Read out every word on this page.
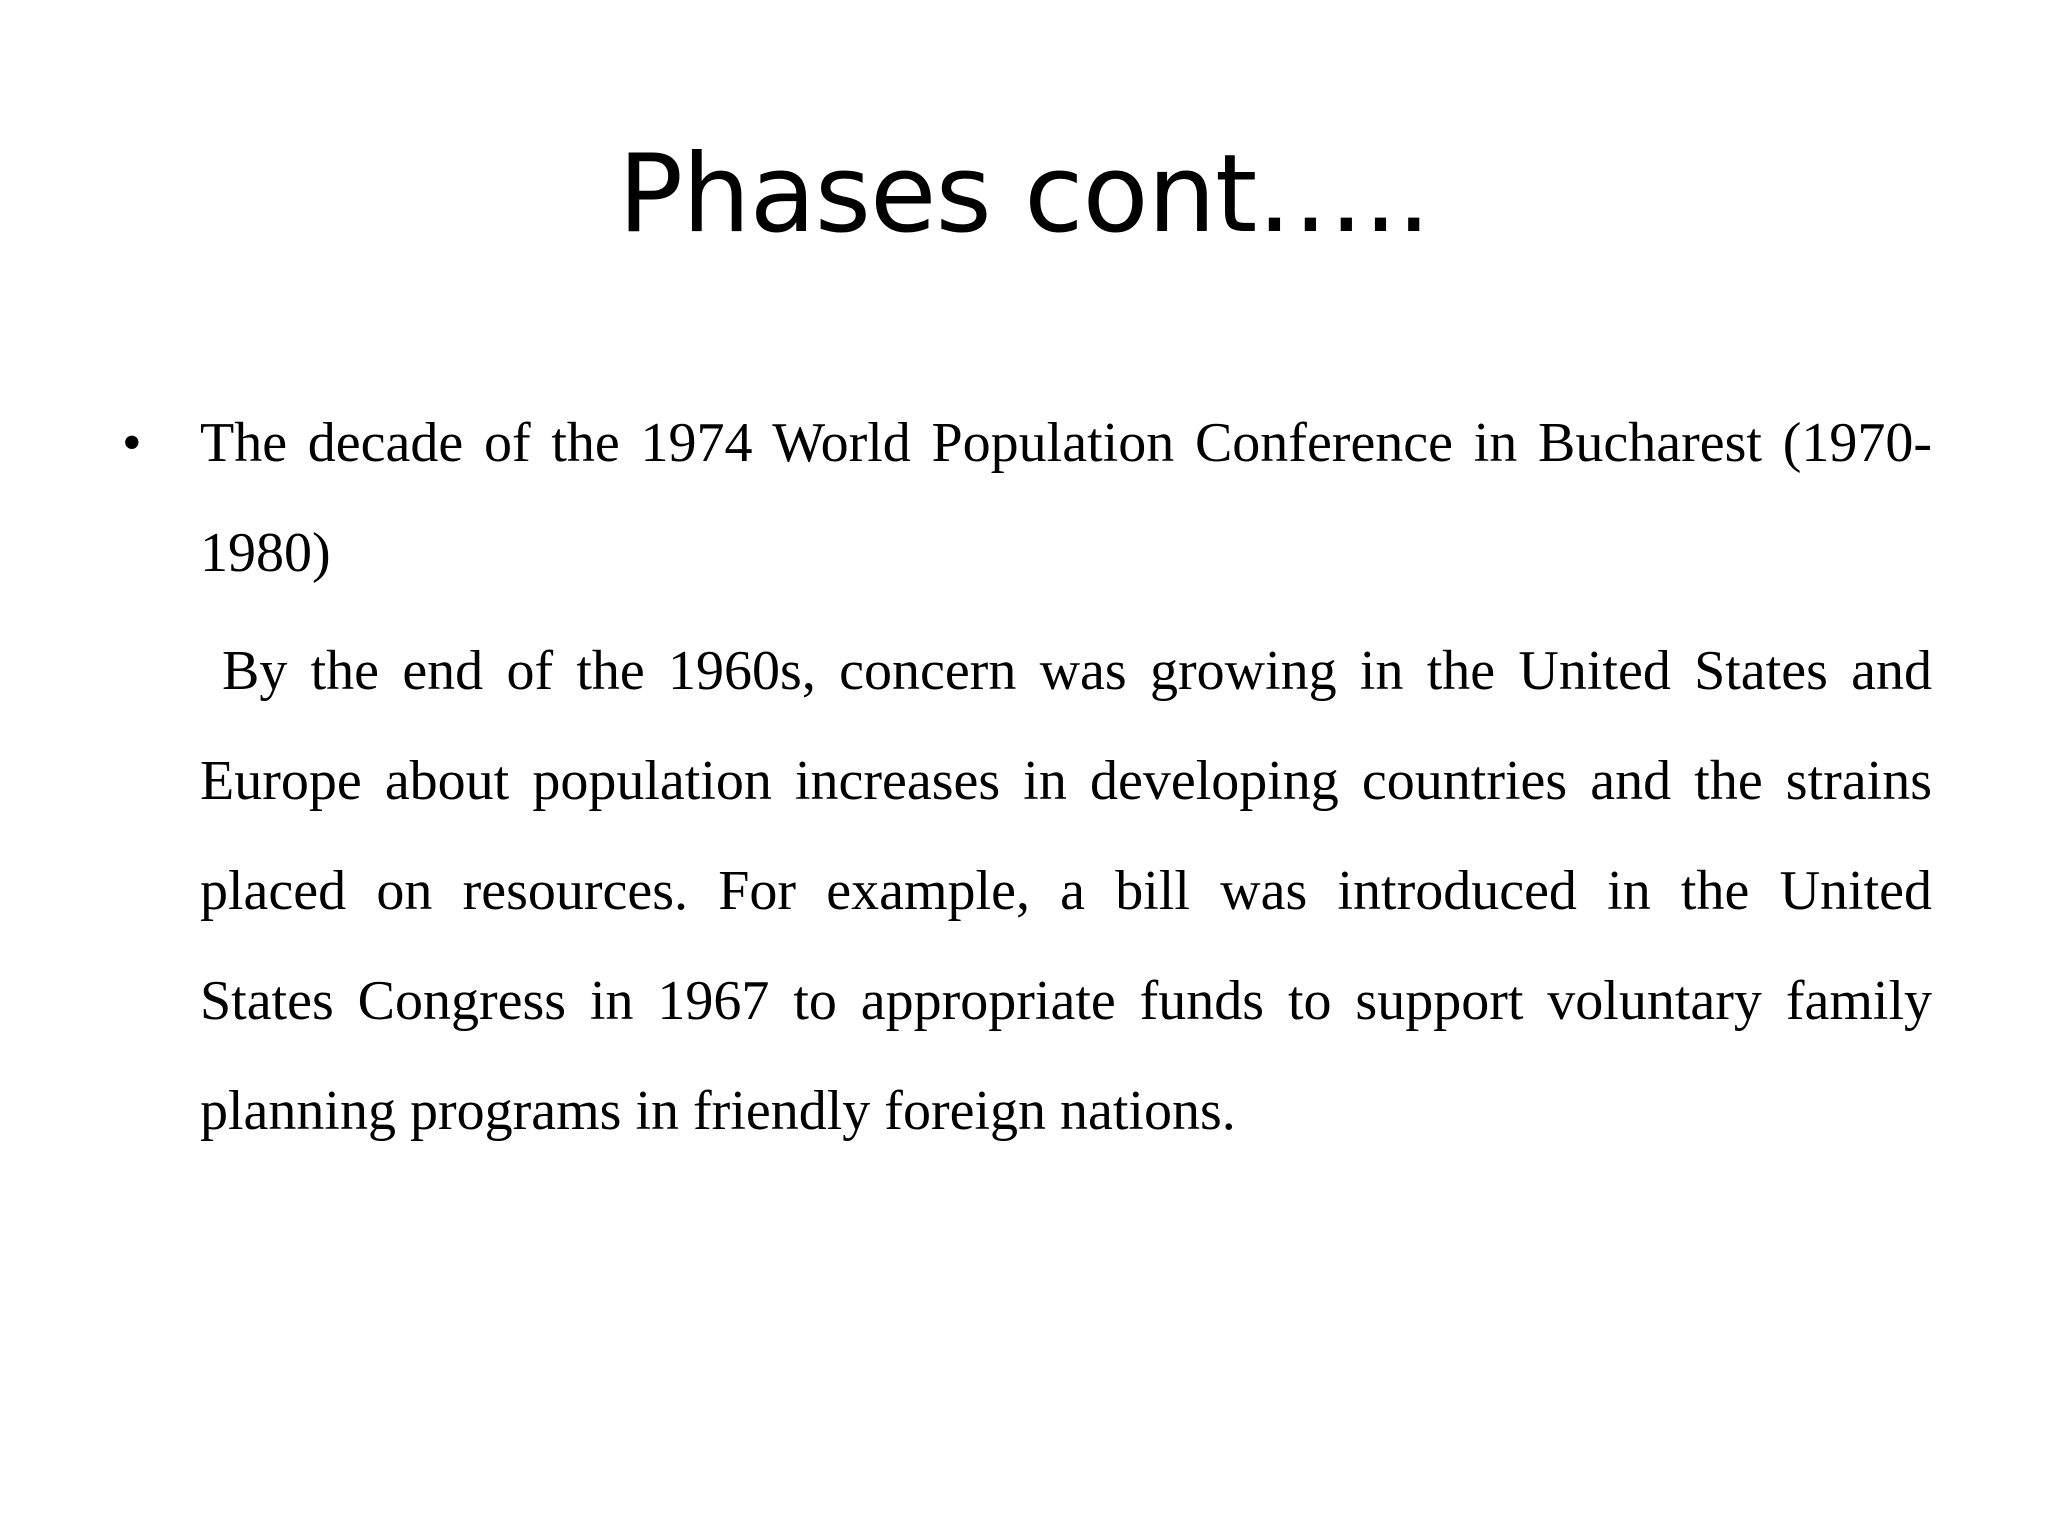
Phases cont…..
• The decade of the 1974 World Population Conference in Bucharest (1970-
1980)
By the end of the 1960s, concern was growing in the United States and
Europe about population increases in developing countries and the strains
placed on resources. For example, a bill was introduced in the United
States Congress in 1967 to appropriate funds to support voluntary family
planning programs in friendly foreign nations.
